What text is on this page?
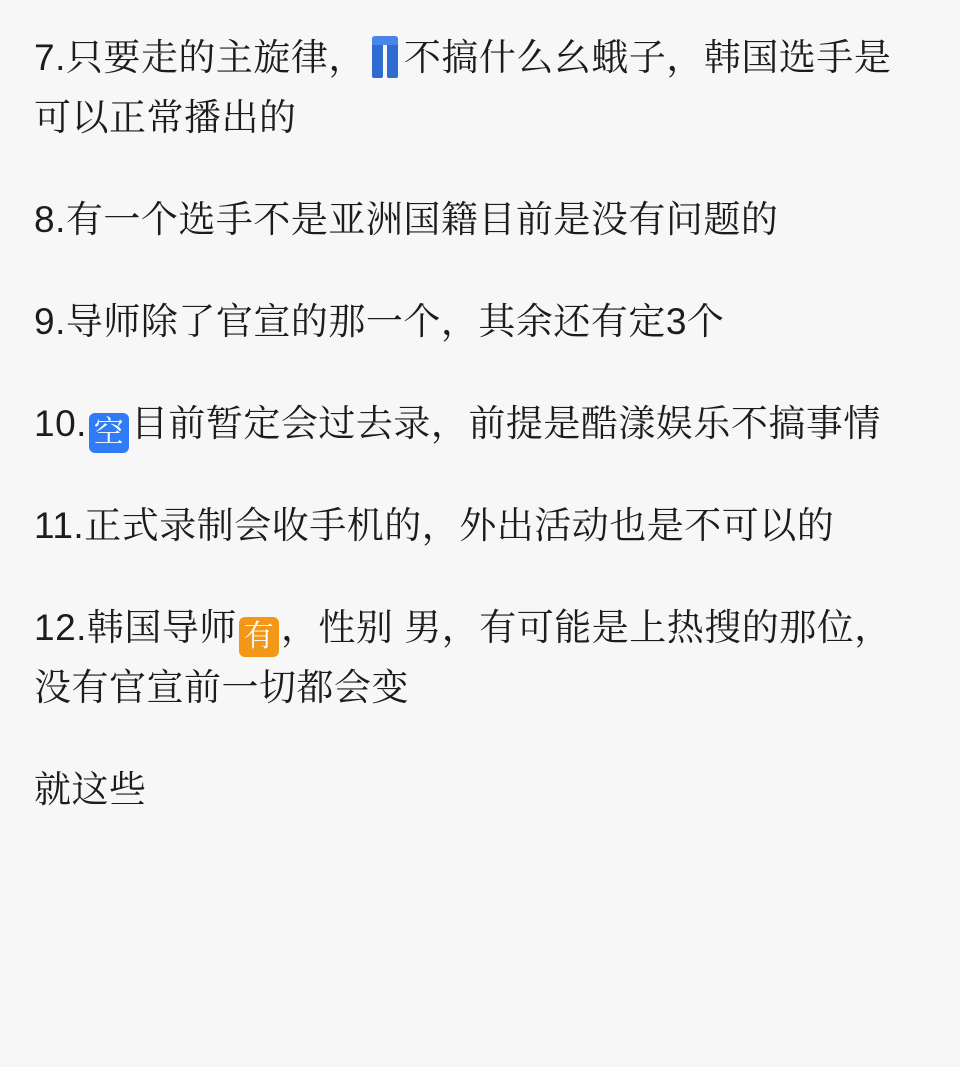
7.只要走的主旋律， 不搞什么幺蛾子，韩国选手是可以正常播出的

8.有一个选手不是亚洲国籍目前是没有问题的

9.导师除了官宣的那一个，其余还有定3个

10. 空 目前暂定会过去录，前提是酷漾娱乐不搞事情

11.正式录制会收手机的，外出活动也是不可以的

12.韩国导师 有 ，性别 男，有可能是上热搜的那位，没有官宣前一切都会变

就这些
